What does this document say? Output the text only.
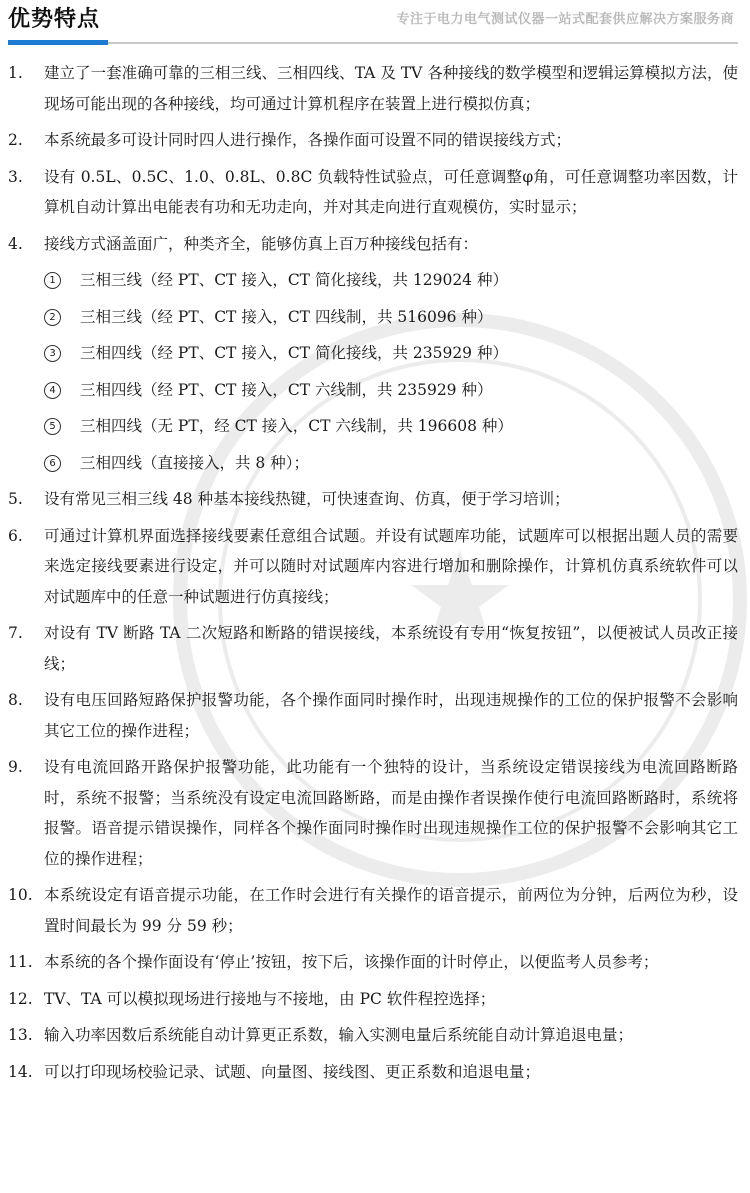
优势特点	专注于电力电气测试仪器一站式配套供应解决方案服务商
1. 建立了一套准确可靠的三相三线、三相四线、TA 及 TV 各种接线的数学模型和逻辑运算模拟方法，使现场可能出现的各种接线，均可通过计算机程序在装置上进行模拟仿真；
2. 本系统最多可设计同时四人进行操作，各操作面可设置不同的错误接线方式；
3. 设有 0.5L、0.5C、1.0、0.8L、0.8C 负载特性试验点，可任意调整φ角，可任意调整功率因数，计算机自动计算出电能表有功和无功走向，并对其走向进行直观模仿，实时显示；
4. 接线方式涵盖面广，种类齐全，能够仿真上百万种接线包括有：
1	三相三线（经 PT、CT 接入，CT 简化接线，共 129024 种）
2	三相三线（经 PT、CT 接入，CT 四线制，共 516096 种）
3	三相四线（经 PT、CT 接入，CT 简化接线，共 235929 种）
4	三相四线（经 PT、CT 接入，CT 六线制，共 235929 种）
5	三相四线（无 PT，经 CT 接入，CT 六线制，共 196608 种）
6	三相四线（直接接入，共 8 种）；
5. 设有常见三相三线 48 种基本接线热键，可快速查询、仿真，便于学习培训；
6. 可通过计算机界面选择接线要素任意组合试题。并设有试题库功能，试题库可以根据出题人员的需要来选定接线要素进行设定，并可以随时对试题库内容进行增加和删除操作，计算机仿真系统软件可以对试题库中的任意一种试题进行仿真接线；
7. 对设有 TV 断路 TA 二次短路和断路的错误接线，本系统设有专用“恢复按钮”，以便被试人员改正接线；
8. 设有电压回路短路保护报警功能，各个操作面同时操作时，出现违规操作的工位的保护报警不会影响其它工位的操作进程；
9. 设有电流回路开路保护报警功能，此功能有一个独特的设计，当系统设定错误接线为电流回路断路时，系统不报警；当系统没有设定电流回路断路，而是由操作者误操作使行电流回路断路时，系统将报警。语音提示错误操作，同样各个操作面同时操作时出现违规操作工位的保护报警不会影响其它工位的操作进程；
10. 本系统设定有语音提示功能，在工作时会进行有关操作的语音提示，前两位为分钟，后两位为秒，设置时间最长为 99 分 59 秒；
11. 本系统的各个操作面设有‘停止’按钮，按下后，该操作面的计时停止，以便监考人员参考；
12. TV、TA 可以模拟现场进行接地与不接地，由 PC 软件程控选择；
13. 输入功率因数后系统能自动计算更正系数，输入实测电量后系统能自动计算追退电量；
14. 可以打印现场校验记录、试题、向量图、接线图、更正系数和追退电量；
